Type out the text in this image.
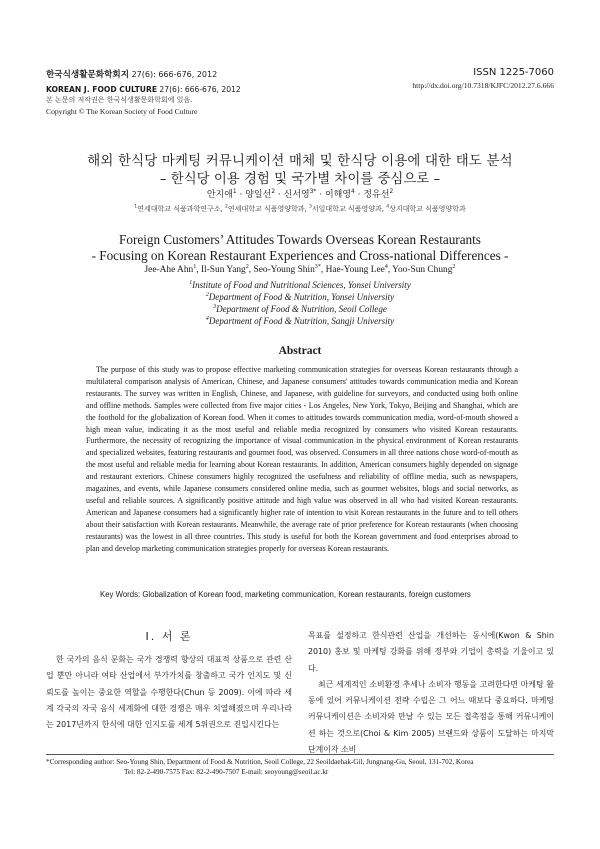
한국식생활문화학회지 27(6): 666-676, 2012
KOREAN J. FOOD CULTURE 27(6): 666-676, 2012
본 논문의 저작권은 한국식생활문화학회에 있음.
Copyright © The Korean Society of Food Culture
ISSN 1225-7060
http://dx.doi.org/10.7318/KJFC/2012.27.6.666
해외 한식당 마케팅 커뮤니케이션 매체 및 한식당 이용에 대한 태도 분석
– 한식당 이용 경험 및 국가별 차이를 중심으로 –
안지애$^1$ · 양일선$^2$ · 신서영$^{3*}$ · 이해영$^4$ · 정유선$^2$
$^1$연세대학교 식품과학연구소, $^2$연세대학교 식품영양학과, $^3$서일대학교 식품영양과, $^4$상지대학교 식품영양학과
Foreign Customers’ Attitudes Towards Overseas Korean Restaurants
- Focusing on Korean Restaurant Experiences and Cross-national Differences -
Jee-Ahe Ahn$^1$, Il-Sun Yang$^2$, Seo-Young Shin$^{3*}$, Hae-Young Lee$^4$, Yoo-Sun Chung$^2$
$^1$Institute of Food and Nutritional Sciences, Yonsei University
$^2$Department of Food & Nutrition, Yonsei University
$^3$Department of Food & Nutrition, Seoil College
$^4$Department of Food & Nutrition, Sangji University
Abstract
The purpose of this study was to propose effective marketing communication strategies for overseas Korean restaurants through a multilateral comparison analysis of American, Chinese, and Japanese consumers' attitudes towards communication media and Korean restaurants. The survey was written in English, Chinese, and Japanese, with guideline for surveyors, and conducted using both online and offline methods. Samples were collected from five major cities - Los Angeles, New York, Tokyo, Beijing and Shanghai, which are the foothold for the globalization of Korean food. When it comes to attitudes towards communication media, word-of-mouth showed a high mean value, indicating it as the most useful and reliable media recognized by consumers who visited Korean restaurants. Furthermore, the necessity of recognizing the importance of visual communication in the physical environment of Korean restaurants and specialized websites, featuring restaurants and gourmet food, was observed. Consumers in all three nations chose word-of-mouth as the most useful and reliable media for learning about Korean restaurants. In addition, American consumers highly depended on signage and restaurant exteriors. Chinese consumers highly recognized the usefulness and reliability of offline media, such as newspapers, magazines, and events, while Japanese consumers considered online media, such as gourmet websites, blogs and social networks, as useful and reliable sources. A significantly positive attitude and high value was observed in all who had visited Korean restaurants. American and Japanese consumers had a significantly higher rate of intention to visit Korean restaurants in the future and to tell others about their satisfaction with Korean restaurants. Meanwhile, the average rate of prior preference for Korean restaurants (when choosing restaurants) was the lowest in all three countries. This study is useful for both the Korean government and food enterprises abroad to plan and develop marketing communication strategies properly for overseas Korean restaurants.
Key Words: Globalization of Korean food, marketing communication, Korean restaurants, foreign customers
I. 서 론
한 국가의 음식 문화는 국가 경쟁력 향상의 대표적 상품으로 관련 산업 뿐만 아니라 여타 산업에서 부가가치를 창출하고 국가 인지도 및 신뢰도를 높이는 중요한 역할을 수행한다(Chun 등 2009). 이에 따라 세계 각국의 자국 음식 세계화에 대한 경쟁은 매우 치열해졌으며 우리나라는 2017년까지 한식에 대한 인지도를 세계 5위권으로 진입시킨다는

목표를 설정하고 한식관련 산업을 개선하는 동시에(Kwon & Shin 2010) 홍보 및 마케팅 강화를 위해 정부와 기업이 총력을 기울이고 있다.

최근 세계적인 소비환경 추세나 소비자 행동을 고려한다면 마케팅 활동에 있어 커뮤니케이션 전략 수립은 그 어느 때보다 중요하다. 마케팅 커뮤니케이션은 소비자와 만날 수 있는 모든 접촉점을 통해 커뮤니케이션 하는 것으로(Choi & Kim 2005) 브랜드와 상품이 도달하는 마지막 단계이자 소비

*Corresponding author: Seo-Young Shin, Department of Food & Nutrition, Seoil College, 22 Seoildaehak-Gil, Jungnang-Gu, Seoul, 131-702, Korea
Tel: 82-2-490-7575 Fax: 82-2-490-7507 E-mail: seoyoung@seoil.ac.kr
